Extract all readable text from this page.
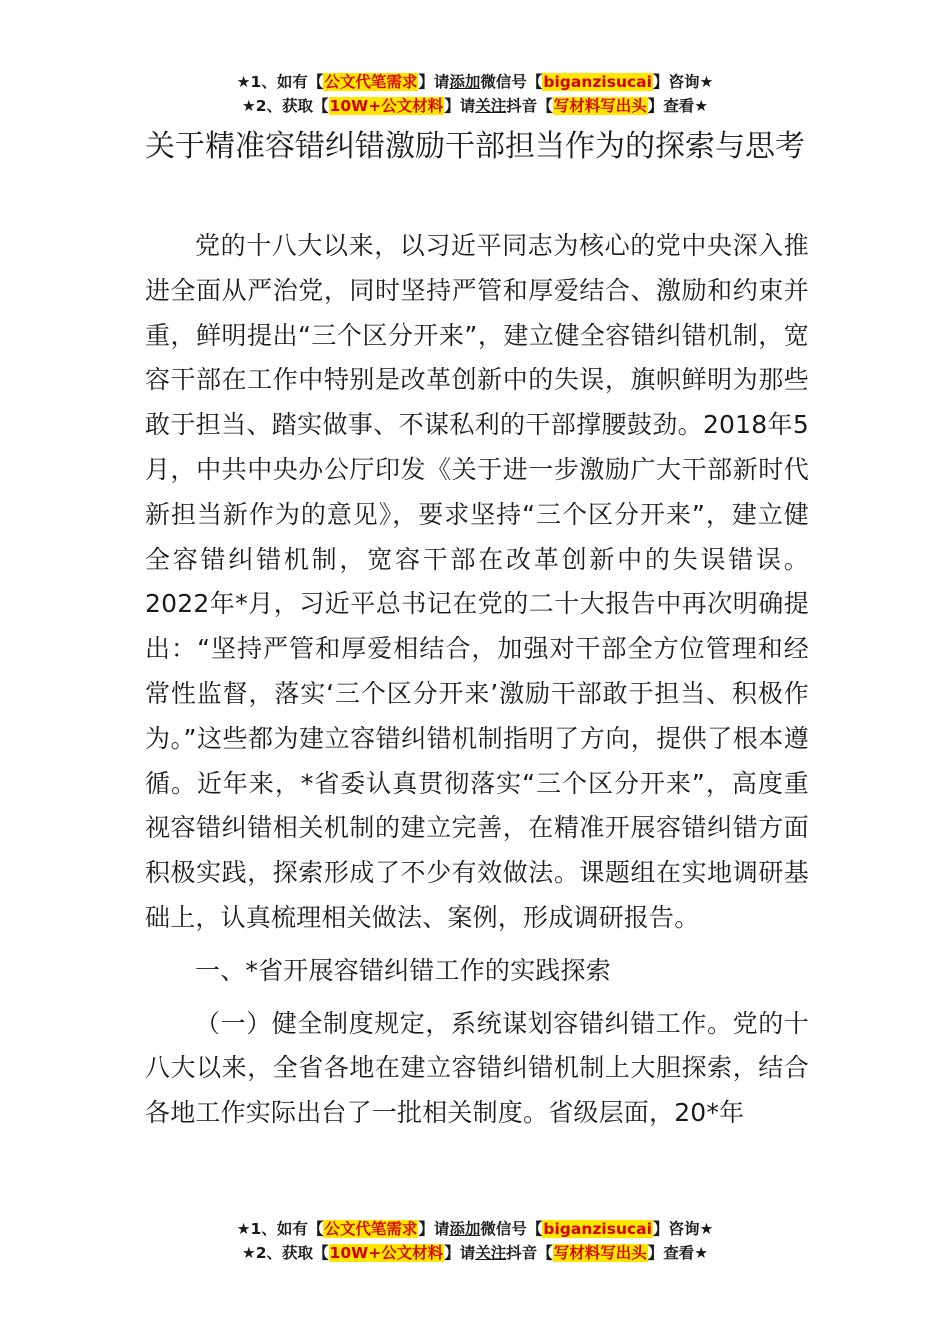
★1、如有【公文代笔需求】请添加微信号【biganzisucai】咨询★
★2、获取【10W+公文材料】请关注抖音【写材料写出头】查看★
关于精准容错纠错激励干部担当作为的探索与思考

党的十八大以来，以习近平同志为核心的党中央深入推进全面从严治党，同时坚持严管和厚爱结合、激励和约束并重，鲜明提出“三个区分开来”，建立健全容错纠错机制，宽容干部在工作中特别是改革创新中的失误，旗帜鲜明为那些敢于担当、踏实做事、不谋私利的干部撑腰鼓劲。2018年5月，中共中央办公厅印发《关于进一步激励广大干部新时代新担当新作为的意见》，要求坚持“三个区分开来”，建立健全容错纠错机制，宽容干部在改革创新中的失误错误。2022年*月，习近平总书记在党的二十大报告中再次明确提出：“坚持严管和厚爱相结合，加强对干部全方位管理和经常性监督，落实‘三个区分开来’激励干部敢于担当、积极作为。”这些都为建立容错纠错机制指明了方向，提供了根本遵循。近年来，*省委认真贯彻落实“三个区分开来”，高度重视容错纠错相关机制的建立完善，在精准开展容错纠错方面积极实践，探索形成了不少有效做法。课题组在实地调研基础上，认真梳理相关做法、案例，形成调研报告。

一、*省开展容错纠错工作的实践探索

（一）健全制度规定，系统谋划容错纠错工作。党的十八大以来，全省各地在建立容错纠错机制上大胆探索，结合各地工作实际出台了一批相关制度。省级层面，20*年

★1、如有【公文代笔需求】请添加微信号【biganzisucai】咨询★
★2、获取【10W+公文材料】请关注抖音【写材料写出头】查看★
